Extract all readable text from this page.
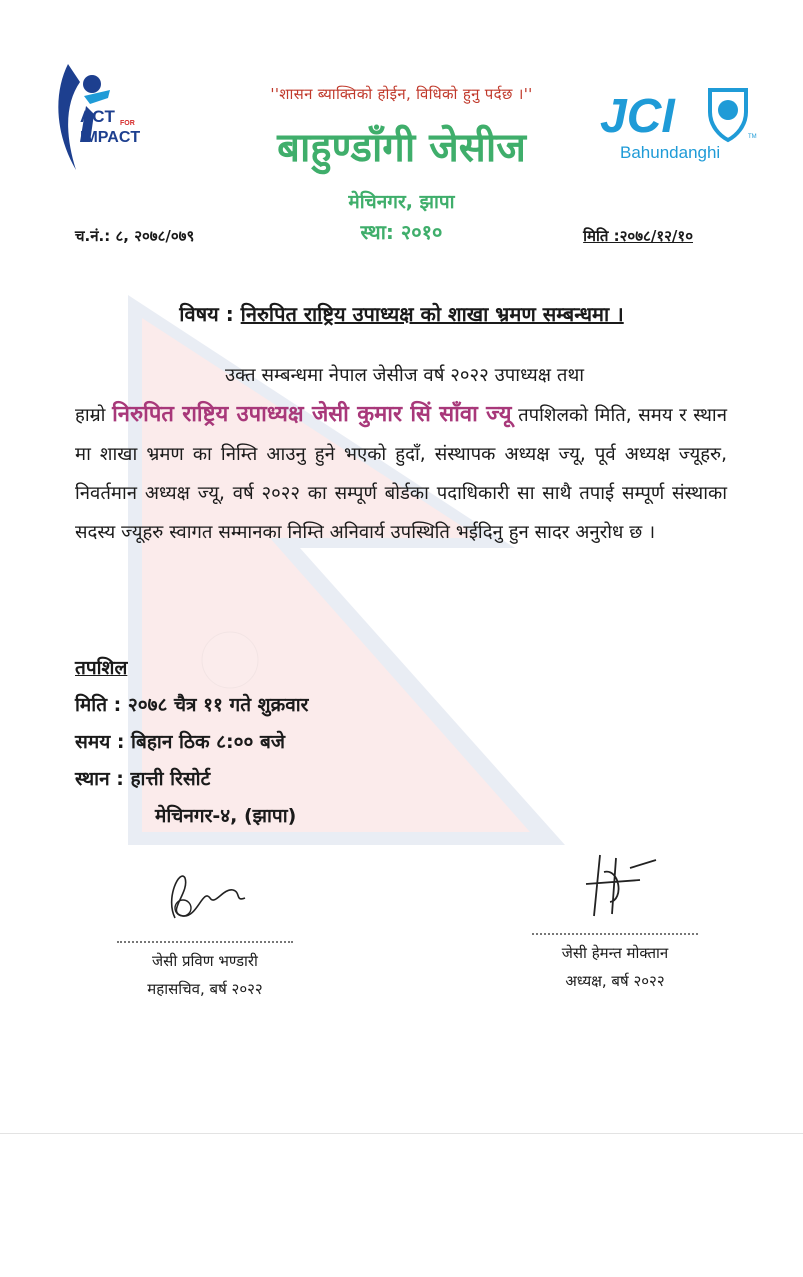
ACT FOR
IMPACT	JCI	TM
Bahundanghi
''शासन ब्याक्तिको होईन, विधिको हुनु पर्दछ ।''
बाहुण्डाँगी जेसीज
मेचिनगर, झापा
स्था: २०१०
च.नं.: ८, २०७८/०७९	मिति :२०७८/१२/१०
विषय : निरुपित राष्ट्रिय उपाध्यक्ष को शाखा भ्रमण सम्बन्धमा ।
उक्त सम्बन्धमा नेपाल जेसीज वर्ष २०२२ उपाध्यक्ष तथा
हाम्रो निरुपित राष्ट्रिय उपाध्यक्ष जेसी कुमार सिं साँवा ज्यू तपशिलको मिति, समय र स्थान मा शाखा भ्रमण का निम्ति आउनु हुने भएको हुदाँ, संस्थापक अध्यक्ष ज्यू, पूर्व अध्यक्ष ज्यूहरु, निवर्तमान अध्यक्ष ज्यू, वर्ष २०२२ का सम्पूर्ण बोर्डका पदाधिकारी सा साथै तपाई सम्पूर्ण संस्थाका सदस्य ज्यूहरु स्वागत सम्मानका निम्ति अनिवार्य उपस्थिति भईदिनु हुन सादर अनुरोध छ ।
तपशिल
मिति : २०७८ चैत्र ११ गते शुक्रवार
समय : बिहान ठिक ८:०० बजे
स्थान : हात्ती रिसोर्ट
मेचिनगर-४, (झापा)
जेसी प्रविण भण्डारी
महासचिव, बर्ष २०२२
जेसी हेमन्त मोक्तान
अध्यक्ष, बर्ष २०२२
